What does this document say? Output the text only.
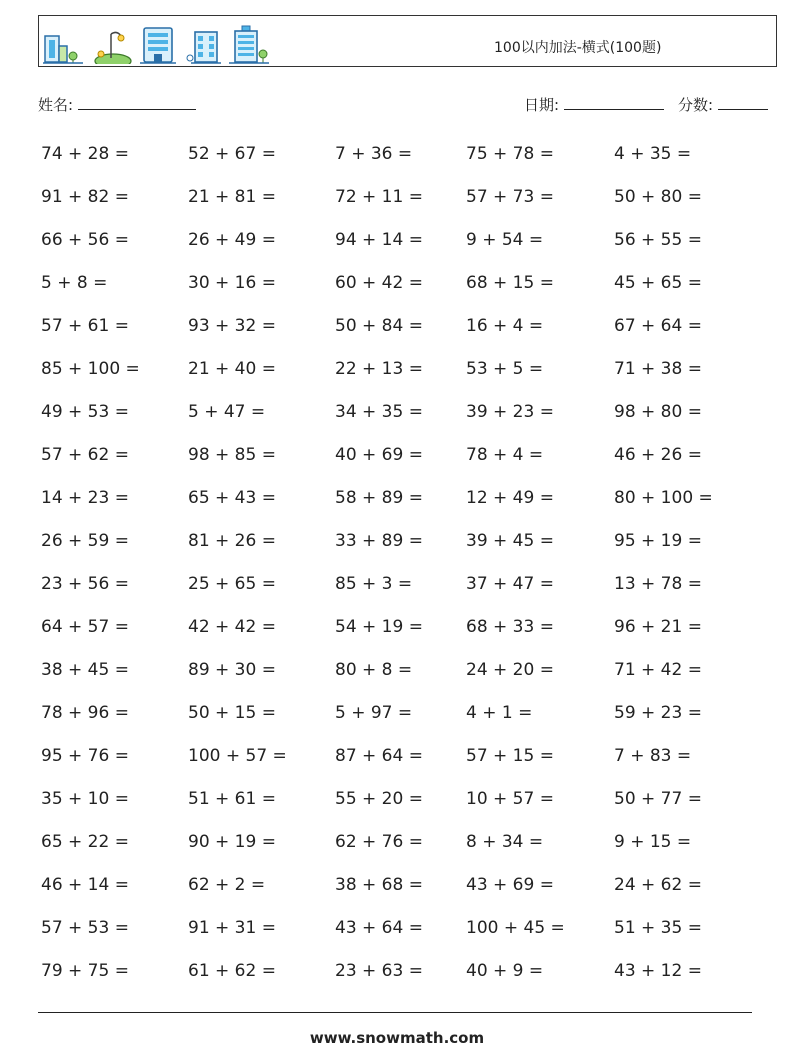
100以内加法-横式(100题)
姓名:	日期:	分数:
74 + 28 =	52 + 67 =	7 + 36 =	75 + 78 =	4 + 35 =
91 + 82 =	21 + 81 =	72 + 11 =	57 + 73 =	50 + 80 =
66 + 56 =	26 + 49 =	94 + 14 =	9 + 54 =	56 + 55 =
5 + 8 =	30 + 16 =	60 + 42 =	68 + 15 =	45 + 65 =
57 + 61 =	93 + 32 =	50 + 84 =	16 + 4 =	67 + 64 =
85 + 100 =	21 + 40 =	22 + 13 =	53 + 5 =	71 + 38 =
49 + 53 =	5 + 47 =	34 + 35 =	39 + 23 =	98 + 80 =
57 + 62 =	98 + 85 =	40 + 69 =	78 + 4 =	46 + 26 =
14 + 23 =	65 + 43 =	58 + 89 =	12 + 49 =	80 + 100 =
26 + 59 =	81 + 26 =	33 + 89 =	39 + 45 =	95 + 19 =
23 + 56 =	25 + 65 =	85 + 3 =	37 + 47 =	13 + 78 =
64 + 57 =	42 + 42 =	54 + 19 =	68 + 33 =	96 + 21 =
38 + 45 =	89 + 30 =	80 + 8 =	24 + 20 =	71 + 42 =
78 + 96 =	50 + 15 =	5 + 97 =	4 + 1 =	59 + 23 =
95 + 76 =	100 + 57 =	87 + 64 =	57 + 15 =	7 + 83 =
35 + 10 =	51 + 61 =	55 + 20 =	10 + 57 =	50 + 77 =
65 + 22 =	90 + 19 =	62 + 76 =	8 + 34 =	9 + 15 =
46 + 14 =	62 + 2 =	38 + 68 =	43 + 69 =	24 + 62 =
57 + 53 =	91 + 31 =	43 + 64 =	100 + 45 =	51 + 35 =
79 + 75 =	61 + 62 =	23 + 63 =	40 + 9 =	43 + 12 =
www.snowmath.com
